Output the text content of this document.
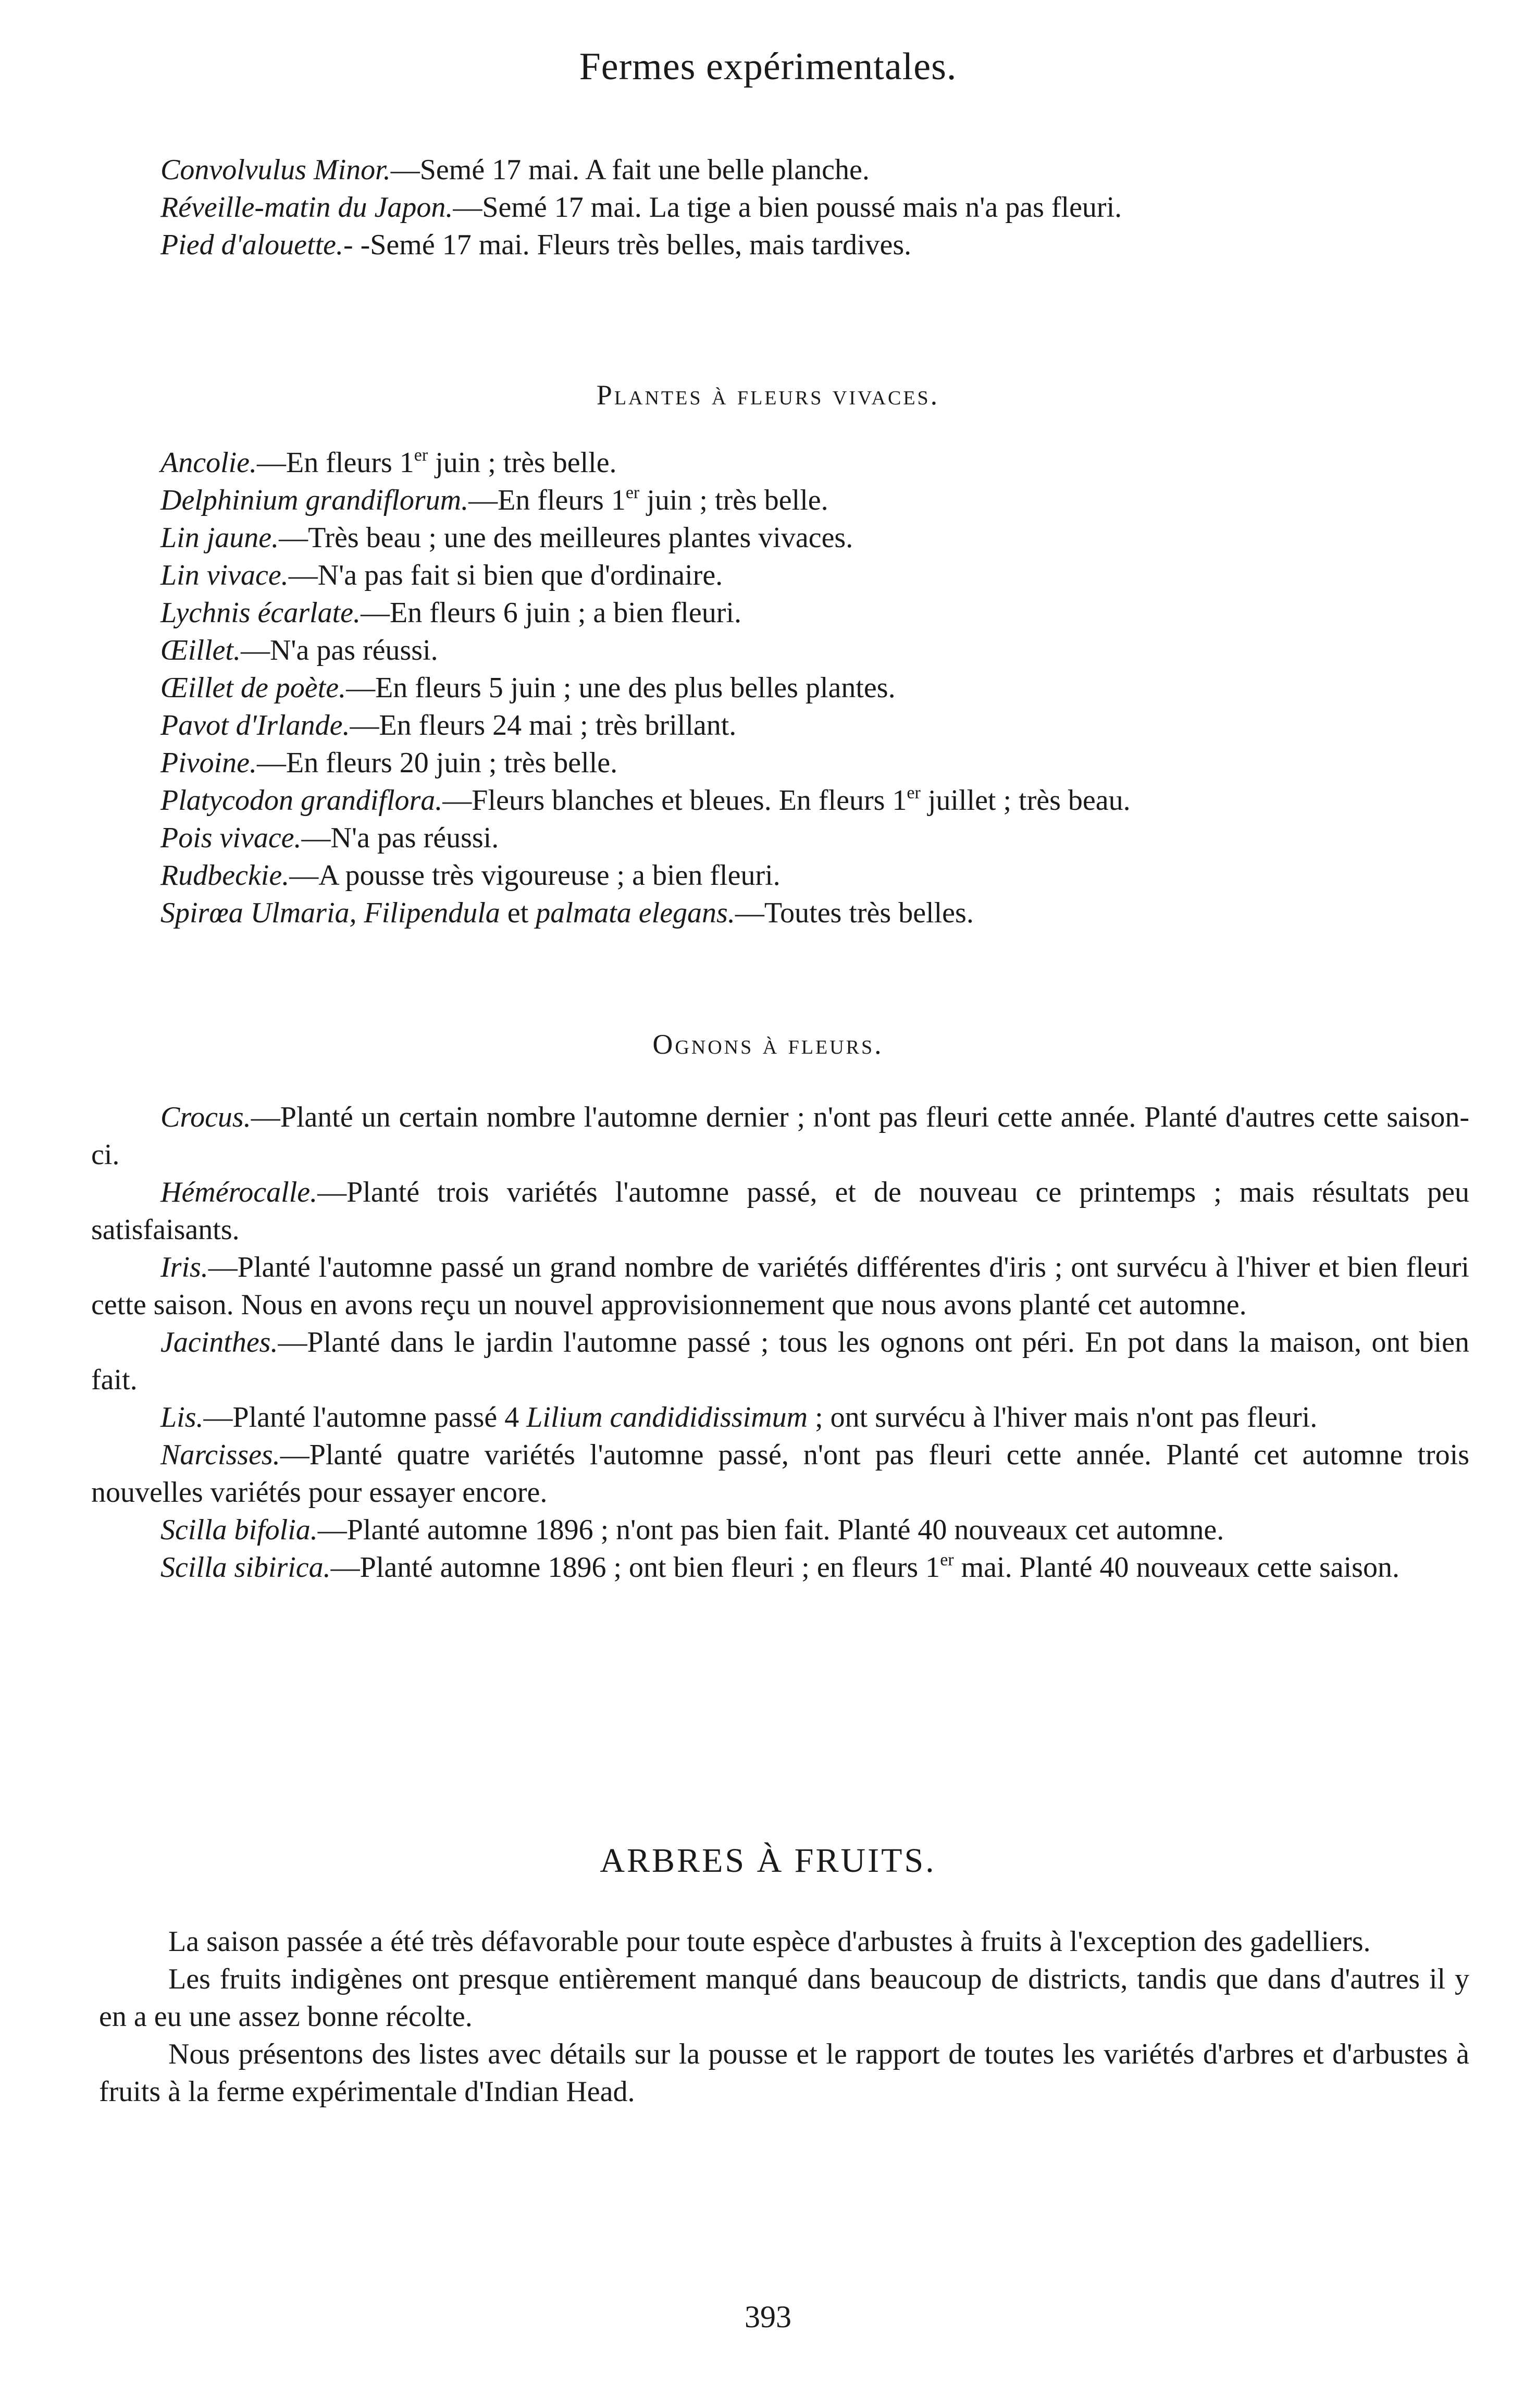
Fermes expérimentales.

Convolvulus Minor.—Semé 17 mai. A fait une belle planche.

Réveille-matin du Japon.—Semé 17 mai. La tige a bien poussé mais n'a pas fleuri.

Pied d'alouette.- -Semé 17 mai. Fleurs très belles, mais tardives.

Plantes à fleurs vivaces.

Ancolie.—En fleurs 1er juin ; très belle.

Delphinium grandiflorum.—En fleurs 1er juin ; très belle.

Lin jaune.—Très beau ; une des meilleures plantes vivaces.

Lin vivace.—N'a pas fait si bien que d'ordinaire.

Lychnis écarlate.—En fleurs 6 juin ; a bien fleuri.

Œillet.—N'a pas réussi.

Œillet de poète.—En fleurs 5 juin ; une des plus belles plantes.

Pavot d'Irlande.—En fleurs 24 mai ; très brillant.

Pivoine.—En fleurs 20 juin ; très belle.

Platycodon grandiflora.—Fleurs blanches et bleues. En fleurs 1er juillet ; très beau.

Pois vivace.—N'a pas réussi.

Rudbeckie.—A pousse très vigoureuse ; a bien fleuri.

Spirœa Ulmaria, Filipendula et palmata elegans.—Toutes très belles.

Ognons à fleurs.

Crocus.—Planté un certain nombre l'automne dernier ; n'ont pas fleuri cette année. Planté d'autres cette saison-ci.

Hémérocalle.—Planté trois variétés l'automne passé, et de nouveau ce printemps ; mais résultats peu satisfaisants.

Iris.—Planté l'automne passé un grand nombre de variétés différentes d'iris ; ont survécu à l'hiver et bien fleuri cette saison. Nous en avons reçu un nouvel approvisionnement que nous avons planté cet automne.

Jacinthes.—Planté dans le jardin l'automne passé ; tous les ognons ont péri. En pot dans la maison, ont bien fait.

Lis.—Planté l'automne passé 4 Lilium candididissimum ; ont survécu à l'hiver mais n'ont pas fleuri.

Narcisses.—Planté quatre variétés l'automne passé, n'ont pas fleuri cette année. Planté cet automne trois nouvelles variétés pour essayer encore.

Scilla bifolia.—Planté automne 1896 ; n'ont pas bien fait. Planté 40 nouveaux cet automne.

Scilla sibirica.—Planté automne 1896 ; ont bien fleuri ; en fleurs 1er mai. Planté 40 nouveaux cette saison.

ARBRES À FRUITS.

La saison passée a été très défavorable pour toute espèce d'arbustes à fruits à l'exception des gadelliers.

Les fruits indigènes ont presque entièrement manqué dans beaucoup de districts, tandis que dans d'autres il y en a eu une assez bonne récolte.

Nous présentons des listes avec détails sur la pousse et le rapport de toutes les variétés d'arbres et d'arbustes à fruits à la ferme expérimentale d'Indian Head.

393
